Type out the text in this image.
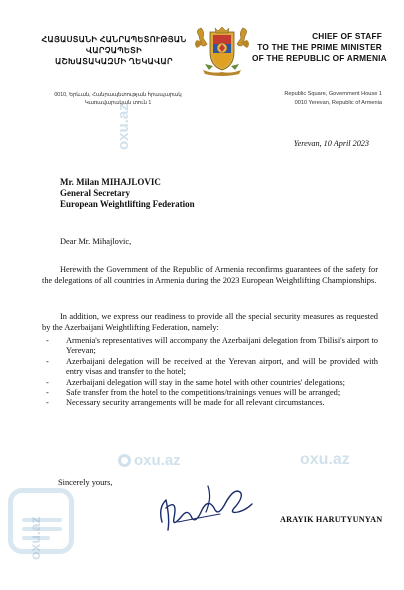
ՀԱՅԱՍՏԱՆԻ ՀԱՆՐԱՊԵՏՈՒԹՅԱՆ
ՎԱՐՉԱՊԵՏԻ
ԱՇԽԱՏԱԿԱԶՄԻ ՂԵԿԱՎԱՐ
CHIEF OF STAFF
TO THE THE PRIME MINISTER
OF THE REPUBLIC OF ARMENIA
0010, Երևան, Հանրապետության հրապարակ
Կառավարական տուն 1
Republic Square, Government House 1
0010 Yerevan, Republic of Armenia
oxu.az
oxu.az	oxu.az
oxu.az
Yerevan, 10 April 2023
Mr. Milan MIHAJLOVIC
General Secretary
European Weightlifting Federation
Dear Mr. Mihajlovic,

Herewith the Government of the Republic of Armenia reconfirms guarantees of the safety for the delegations of all countries in Armenia during the 2023 European Weightlifting Championships.

In addition, we express our readiness to provide all the special security measures as requested by the Azerbaijani Weightlifting Federation, namely:

- Armenia's representatives will accompany the Azerbaijani delegation from Tbilisi's airport to Yerevan;
- Azerbaijani delegation will be received at the Yerevan airport, and will be provided with entry visas and transfer to the hotel;
- Azerbaijani delegation will stay in the same hotel with other countries' delegations;
- Safe transfer from the hotel to the competitions/trainings venues will be arranged;
- Necessary security arrangements will be made for all relevant circumstances.
Sincerely yours,
ARAYIK HARUTYUNYAN
